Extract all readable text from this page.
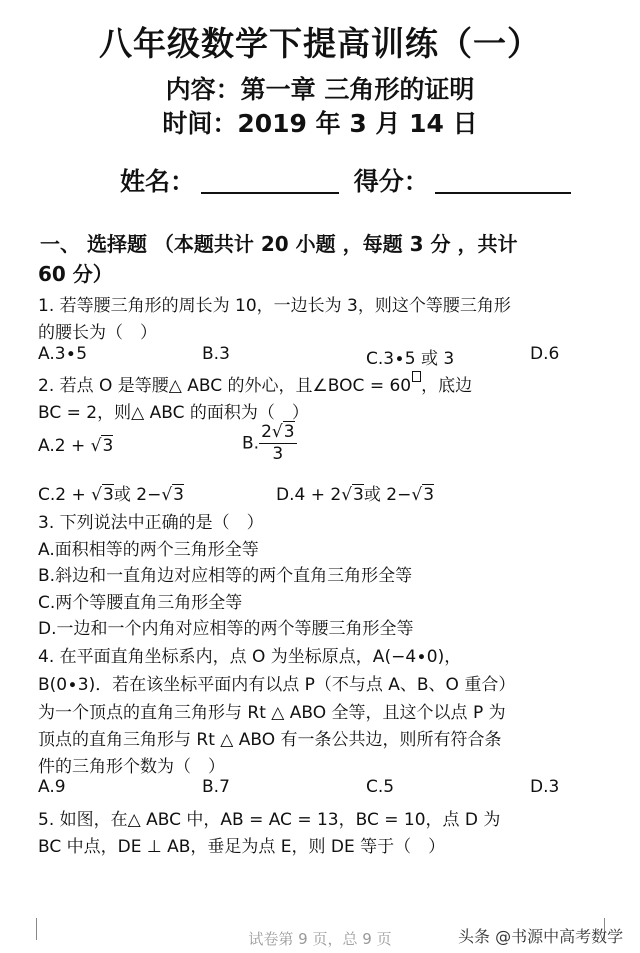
八年级数学下提高训练（一）
内容：第一章 三角形的证明
时间：2019 年 3 月 14 日
姓名：	得分：
一、 选择题 （本题共计 20 小题 ，每题 3 分 ，共计
60 分）
1. 若等腰三角形的周长为 10，一边长为 3，则这个等腰三角形
的腰长为（　）
A.3∙5	B.3	C.3∙5 或 3	D.6
2. 若点 O 是等腰△ ABC 的外心，且∠BOC = 60 ，底边
BC = 2，则△ ABC 的面积为（　）
A.2 + √3	B. $\frac{2√3}{3}$
C.2 + √3或 2−√3	D.4 + 2√3或 2−√3
3. 下列说法中正确的是（　）
A.面积相等的两个三角形全等
B.斜边和一直角边对应相等的两个直角三角形全等
C.两个等腰直角三角形全等
D.一边和一个内角对应相等的两个等腰三角形全等
4. 在平面直角坐标系内，点 O 为坐标原点，A(−4∙0)，
B(0∙3)．若在该坐标平面内有以点 P（不与点 A、B、O 重合）
为一个顶点的直角三角形与 Rt △ ABO 全等，且这个以点 P 为
顶点的直角三角形与 Rt △ ABO 有一条公共边，则所有符合条
件的三角形个数为（　）
A.9	B.7	C.5	D.3
5. 如图，在△ ABC 中，AB = AC = 13，BC = 10，点 D 为
BC 中点，DE ⊥ AB，垂足为点 E，则 DE 等于（　）
试卷第 9 页，总 9 页	头条 @书源中高考数学
